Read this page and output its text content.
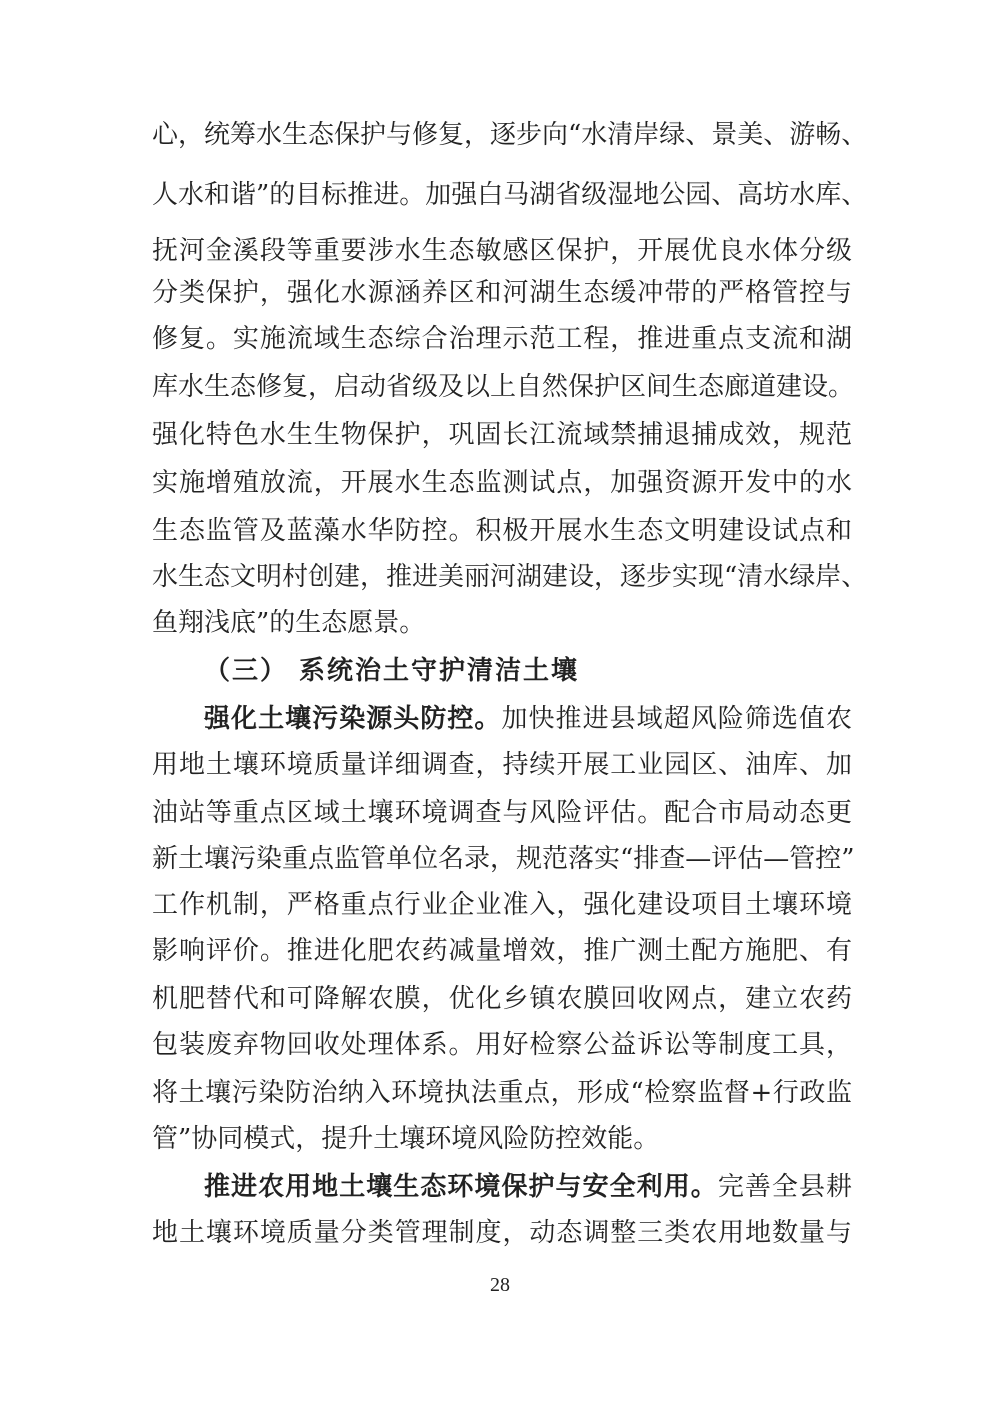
心，统筹水生态保护与修复，逐步向“水清岸绿、景美、游畅、
人水和谐”的目标推进。加强白马湖省级湿地公园、高坊水库、
抚河金溪段等重要涉水生态敏感区保护，开展优良水体分级
分类保护，强化水源涵养区和河湖生态缓冲带的严格管控与
修复。实施流域生态综合治理示范工程，推进重点支流和湖
库水生态修复，启动省级及以上自然保护区间生态廊道建设。
强化特色水生生物保护，巩固长江流域禁捕退捕成效，规范
实施增殖放流，开展水生态监测试点，加强资源开发中的水
生态监管及蓝藻水华防控。积极开展水生态文明建设试点和
水生态文明村创建，推进美丽河湖建设，逐步实现“清水绿岸、
鱼翔浅底”的生态愿景。
（三） 系统治土守护清洁土壤
强化土壤污染源头防控。加快推进县域超风险筛选值农
用地土壤环境质量详细调查，持续开展工业园区、油库、加
油站等重点区域土壤环境调查与风险评估。配合市局动态更
新土壤污染重点监管单位名录，规范落实“排查—评估—管控”
工作机制，严格重点行业企业准入，强化建设项目土壤环境
影响评价。推进化肥农药减量增效，推广测土配方施肥、有
机肥替代和可降解农膜，优化乡镇农膜回收网点，建立农药
包装废弃物回收处理体系。用好检察公益诉讼等制度工具，
将土壤污染防治纳入环境执法重点，形成“检察监督+行政监
管”协同模式，提升土壤环境风险防控效能。
推进农用地土壤生态环境保护与安全利用。完善全县耕
地土壤环境质量分类管理制度，动态调整三类农用地数量与
28
